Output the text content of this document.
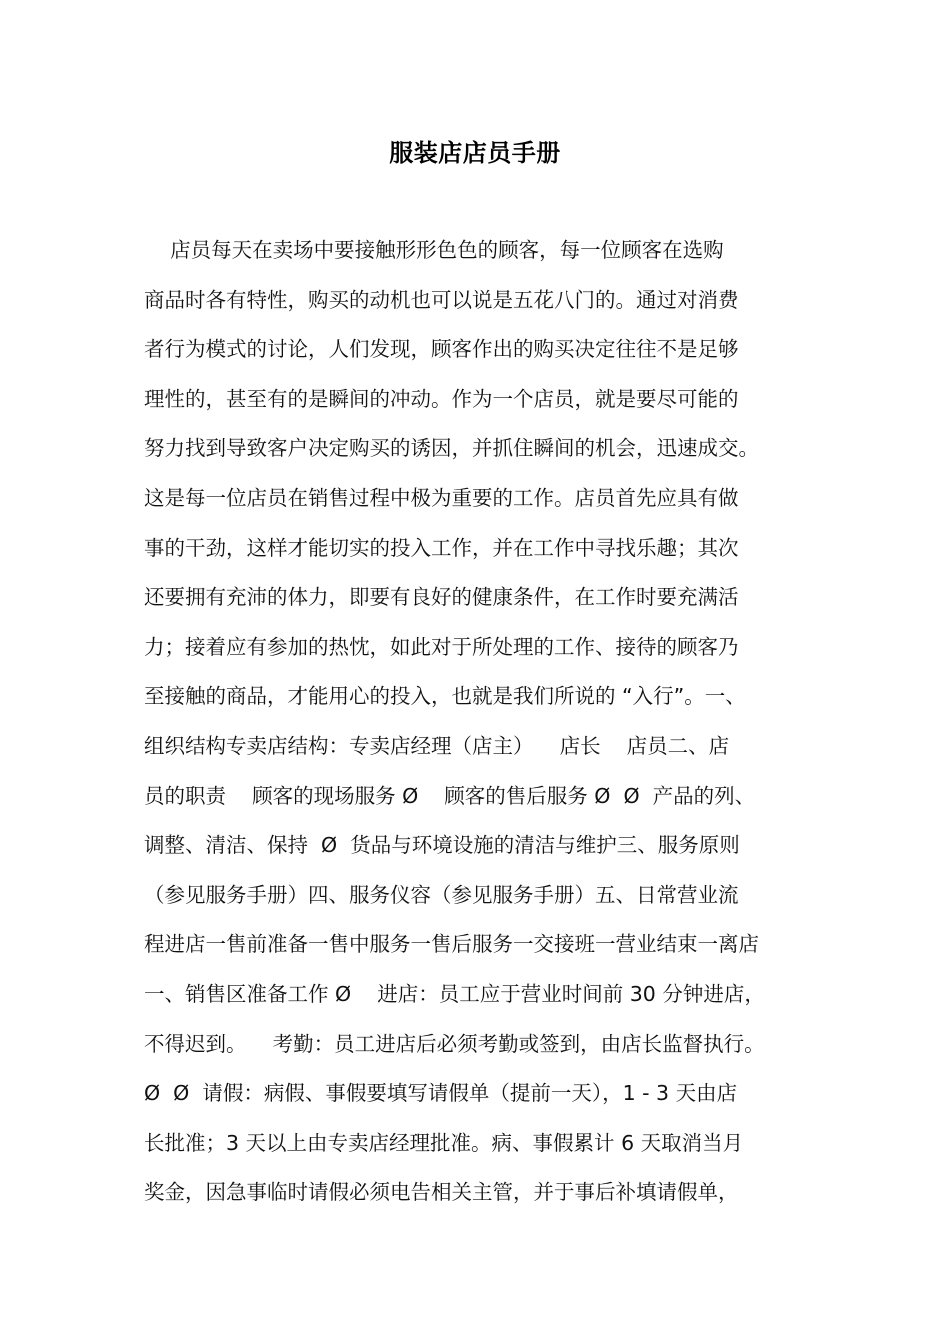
服装店店员手册
店员每天在卖场中要接触形形色色的顾客，每一位顾客在选购
商品时各有特性，购买的动机也可以说是五花八门的。通过对消费
者行为模式的讨论，人们发现，顾客作出的购买决定往往不是足够
理性的，甚至有的是瞬间的冲动。作为一个店员，就是要尽可能的
努力找到导致客户决定购买的诱因，并抓住瞬间的机会，迅速成交。
这是每一位店员在销售过程中极为重要的工作。店员首先应具有做
事的干劲，这样才能切实的投入工作，并在工作中寻找乐趣；其次
还要拥有充沛的体力，即要有良好的健康条件，在工作时要充满活
力；接着应有参加的热忱，如此对于所处理的工作、接待的顾客乃
至接触的商品，才能用心的投入，也就是我们所说的 “入行”。一、
组织结构专卖店结构：专卖店经理（店主）    店长    店员二、店
员的职责    顾客的现场服务 Ø    顾客的售后服务 Ø  Ø  产品的列、
调整、清洁、保持  Ø  货品与环境设施的清洁与维护三、服务原则
（参见服务手册）四、服务仪容（参见服务手册）五、日常营业流
程进店一售前准备一售中服务一售后服务一交接班一营业结束一离店
一、销售区准备工作 Ø    进店：员工应于营业时间前 30 分钟进店，
不得迟到。    考勤：员工进店后必须考勤或签到，由店长监督执行。
Ø  Ø  请假：病假、事假要填写请假单（提前一天），1 - 3 天由店
长批准；3 天以上由专卖店经理批准。病、事假累计 6 天取消当月
奖金，因急事临时请假必须电告相关主管，并于事后补填请假单，
